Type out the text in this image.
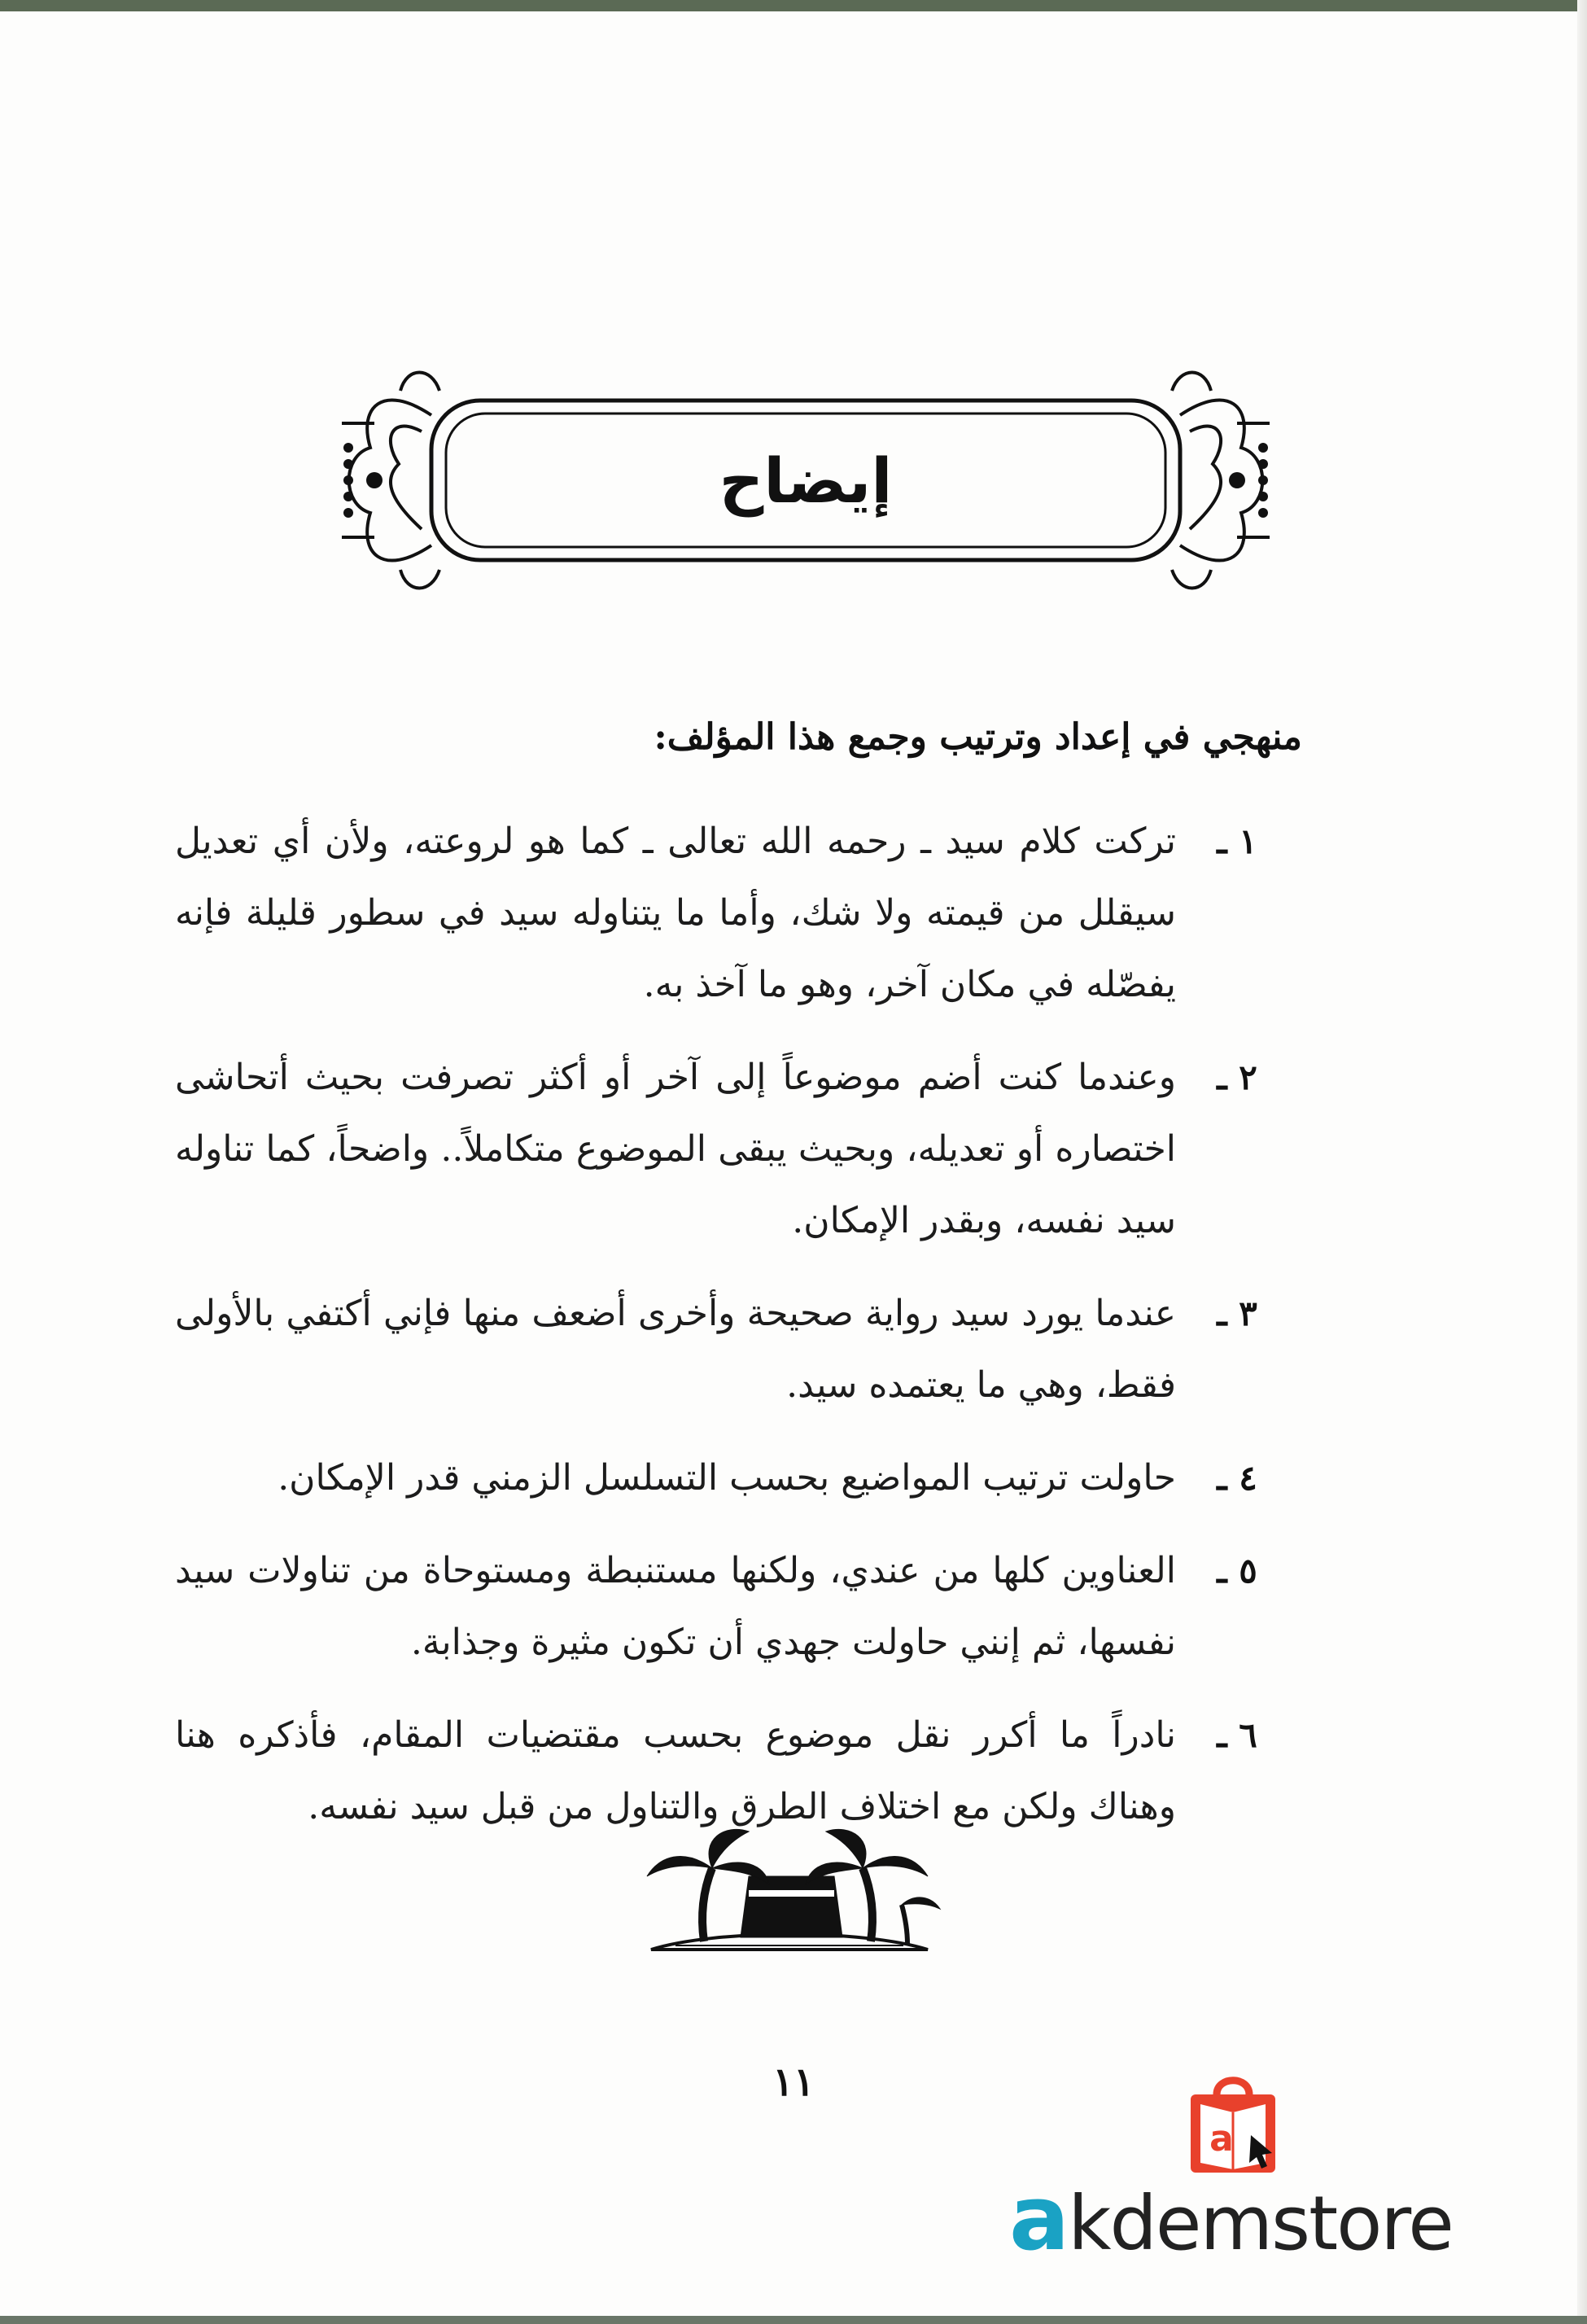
إيضاح
منهجي في إعداد وترتيب وجمع هذا المؤلف:
١ ـ
تركت كلام سيد ـ رحمه الله تعالى ـ كما هو لروعته، ولأن أي تعديل سيقلل من قيمته ولا شك، وأما ما يتناوله سيد في سطور قليلة فإنه يفصّله في مكان آخر، وهو ما آخذ به.
٢ ـ
وعندما كنت أضم موضوعاً إلى آخر أو أكثر تصرفت بحيث أتحاشى اختصاره أو تعديله، وبحيث يبقى الموضوع متكاملاً.. واضحاً، كما تناوله سيد نفسه، وبقدر الإمكان.
٣ ـ
عندما يورد سيد رواية صحيحة وأخرى أضعف منها فإني أكتفي بالأولى فقط، وهي ما يعتمده سيد.
٤ ـ
حاولت ترتيب المواضيع بحسب التسلسل الزمني قدر الإمكان.
٥ ـ
العناوين كلها من عندي، ولكنها مستنبطة ومستوحاة من تناولات سيد نفسها، ثم إنني حاولت جهدي أن تكون مثيرة وجذابة.
٦ ـ
نادراً ما أكرر نقل موضوع بحسب مقتضيات المقام، فأذكره هنا وهناك ولكن مع اختلاف الطرق والتناول من قبل سيد نفسه.
١١
a
akdemstore
